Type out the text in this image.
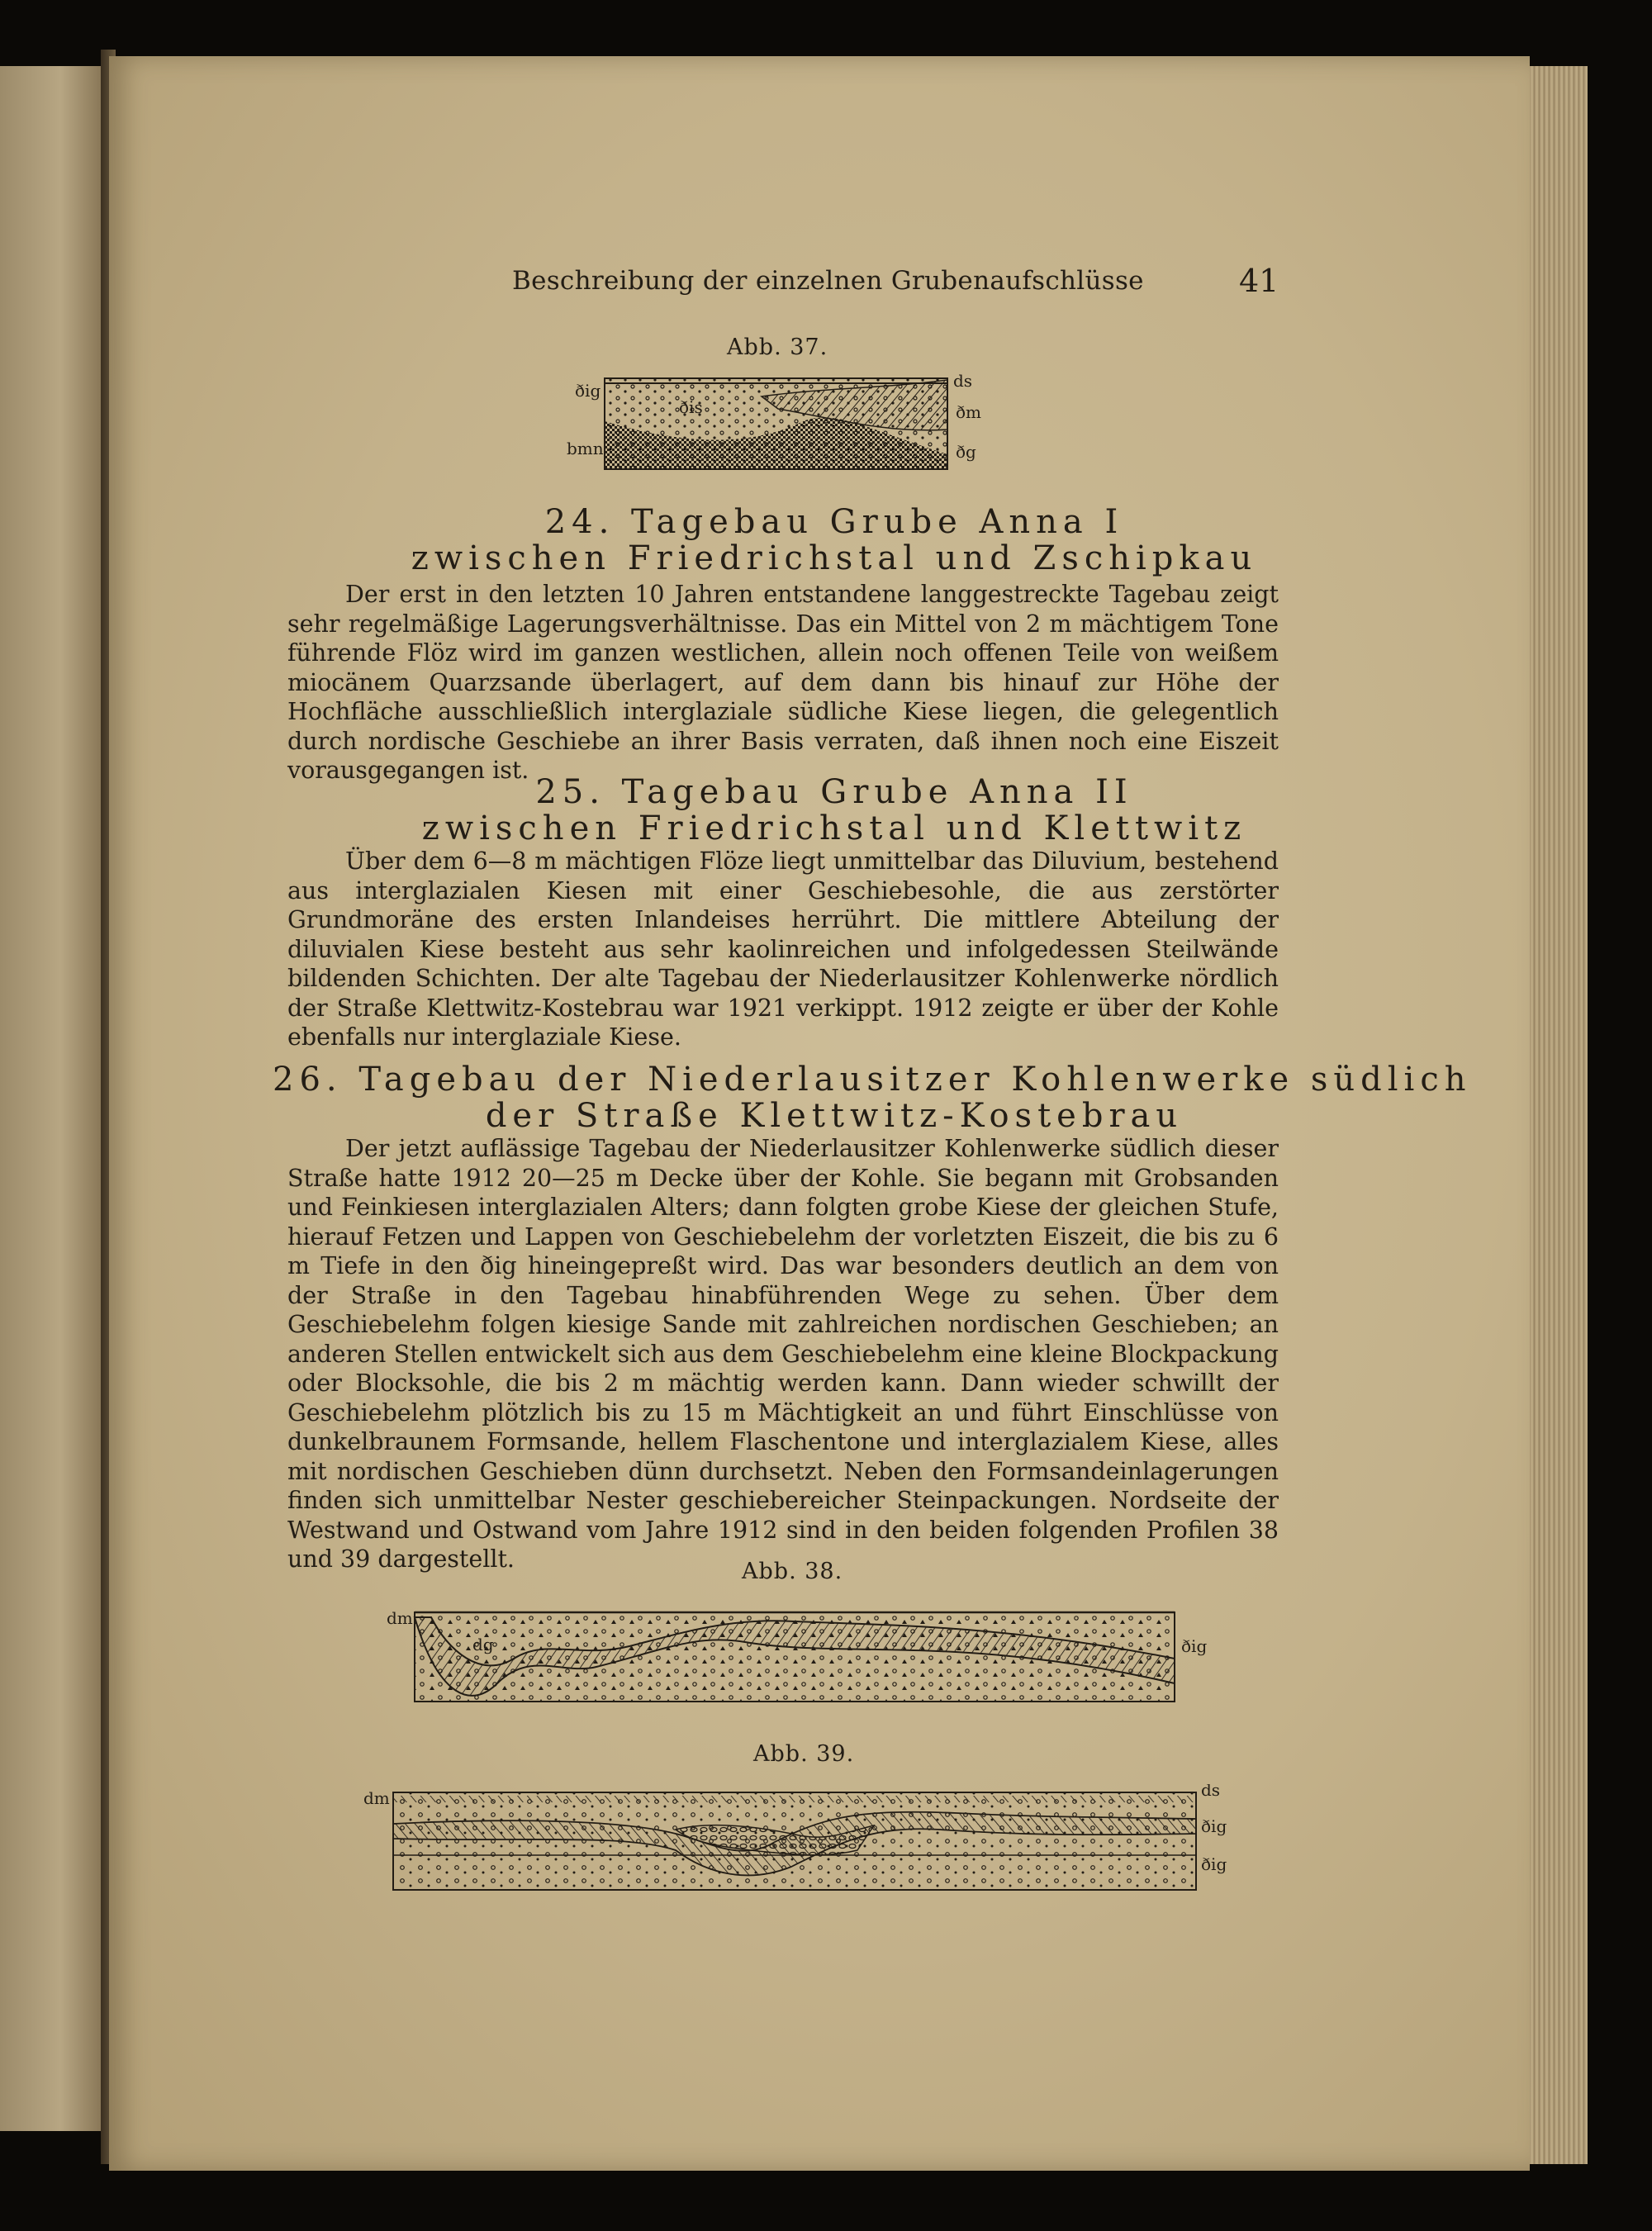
Beschreibung der einzelnen Grubenaufschlüsse	41
Abb. 37.
ðig
bmn
ðis
ds
ðm
ðg
24. Tagebau Grube Anna I
zwischen Friedrichstal und Zschipkau
Der erst in den letzten 10 Jahren entstandene langgestreckte Tagebau zeigt sehr regelmäßige Lagerungsverhältnisse. Das ein Mittel von 2 m mächtigem Tone führende Flöz wird im ganzen westlichen, allein noch offenen Teile von weißem miocänem Quarzsande überlagert, auf dem dann bis hinauf zur Höhe der Hochfläche ausschließlich interglaziale südliche Kiese liegen, die gelegentlich durch nordische Geschiebe an ihrer Basis verraten, daß ihnen noch eine Eiszeit vorausgegangen ist.
25. Tagebau Grube Anna II
zwischen Friedrichstal und Klettwitz
Über dem 6—8 m mächtigen Flöze liegt unmittelbar das Diluvium, bestehend aus interglazialen Kiesen mit einer Geschiebesohle, die aus zerstörter Grundmoräne des ersten Inlandeises herrührt. Die mittlere Abteilung der diluvialen Kiese besteht aus sehr kaolinreichen und infolgedessen Steilwände bildenden Schichten. Der alte Tagebau der Niederlausitzer Kohlenwerke nördlich der Straße Klettwitz-Kostebrau war 1921 verkippt. 1912 zeigte er über der Kohle ebenfalls nur interglaziale Kiese.
26. Tagebau der Niederlausitzer Kohlenwerke südlich
der Straße Klettwitz-Kostebrau
Der jetzt auflässige Tagebau der Niederlausitzer Kohlenwerke südlich dieser Straße hatte 1912 20—25 m Decke über der Kohle. Sie begann mit Grobsanden und Feinkiesen interglazialen Alters; dann folgten grobe Kiese der gleichen Stufe, hierauf Fetzen und Lappen von Geschiebelehm der vorletzten Eiszeit, die bis zu 6 m Tiefe in den ðig hineingepreßt wird. Das war besonders deutlich an dem von der Straße in den Tagebau hinabführenden Wege zu sehen. Über dem Geschiebelehm folgen kiesige Sande mit zahlreichen nordischen Geschieben; an anderen Stellen entwickelt sich aus dem Geschiebelehm eine kleine Blockpackung oder Blocksohle, die bis 2 m mächtig werden kann. Dann wieder schwillt der Geschiebelehm plötzlich bis zu 15 m Mächtigkeit an und führt Einschlüsse von dunkelbraunem Formsande, hellem Flaschentone und interglazialem Kiese, alles mit nordischen Geschieben dünn durchsetzt. Neben den Formsandeinlagerungen finden sich unmittelbar Nester geschiebereicher Steinpackungen. Nordseite der Westwand und Ostwand vom Jahre 1912 sind in den beiden folgenden Profilen 38 und 39 dargestellt.	Abb. 38.
dm
dg	ðig
Abb. 39.
dm	ds
ðig
ðig
